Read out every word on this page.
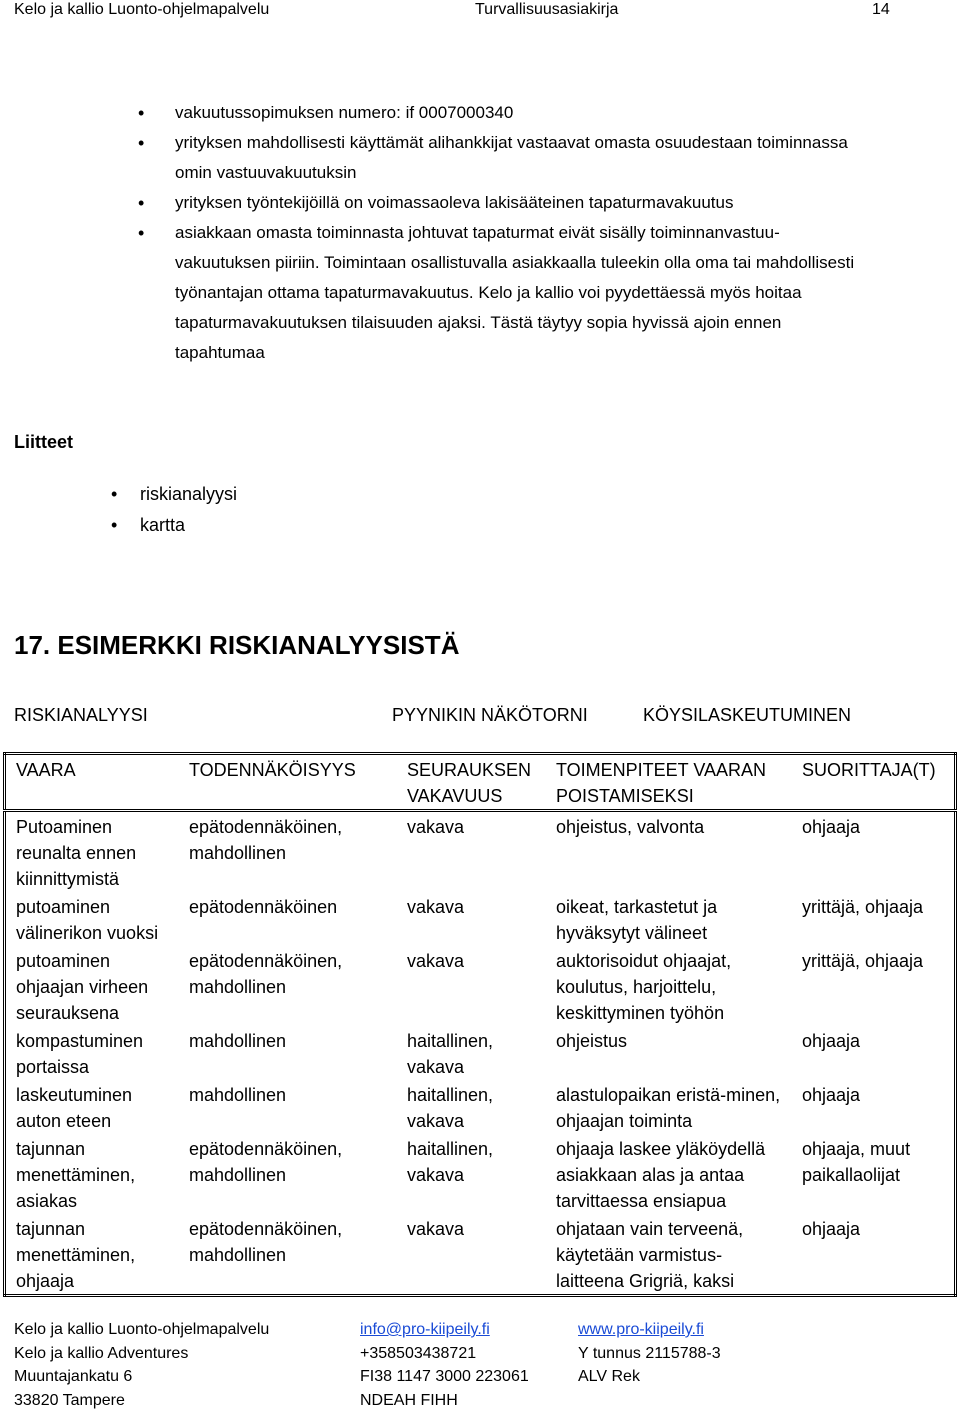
Kelo ja kallio Luonto-ohjelmapalvelu	Turvallisuusasiakirja	14
• vakuutussopimuksen numero: if 0007000340
• yrityksen mahdollisesti käyttämät alihankkijat vastaavat omasta osuudestaan toiminnassa omin vastuuvakuutuksin
• yrityksen työntekijöillä on voimassaoleva lakisääteinen tapaturmavakuutus
• asiakkaan omasta toiminnasta johtuvat tapaturmat eivät sisälly toiminnanvastuu-vakuutuksen piiriin. Toimintaan osallistuvalla asiakkaalla tuleekin olla oma tai mahdollisesti työnantajan ottama tapaturmavakuutus. Kelo ja kallio voi pyydettäessä myös hoitaa tapaturmavakuutuksen tilaisuuden ajaksi. Tästä täytyy sopia hyvissä ajoin ennen tapahtumaa
Liitteet
• riskianalyysi
• kartta
17. ESIMERKKI RISKIANALYYSISTÄ
RISKIANALYYSI	PYYNIKIN NÄKÖTORNI	KÖYSILASKEUTUMINEN
VAARA	TODENNÄKÖISYYS	SEURAUKSEN VAKAVUUS	TOIMENPITEET VAARAN POISTAMISEKSI	SUORITTAJA(T)
Putoaminen reunalta ennen kiinnittymistä	epätodennäköinen, mahdollinen	vakava	ohjeistus, valvonta	ohjaaja
putoaminen välinerikon vuoksi	epätodennäköinen	vakava	oikeat, tarkastetut ja hyväksytyt välineet	yrittäjä, ohjaaja
putoaminen ohjaajan virheen seurauksena	epätodennäköinen, mahdollinen	vakava	auktorisoidut ohjaajat, koulutus, harjoittelu, keskittyminen työhön	yrittäjä, ohjaaja
kompastuminen portaissa	mahdollinen	haitallinen, vakava	ohjeistus	ohjaaja
laskeutuminen auton eteen	mahdollinen	haitallinen, vakava	alastulopaikan eristä-minen, ohjaajan toiminta	ohjaaja
tajunnan menettäminen, asiakas	epätodennäköinen, mahdollinen	haitallinen, vakava	ohjaaja laskee yläköydellä asiakkaan alas ja antaa tarvittaessa ensiapua	ohjaaja, muut paikallaolijat
tajunnan menettäminen, ohjaaja	epätodennäköinen, mahdollinen	vakava	ohjataan vain terveenä, käytetään varmistus-laitteena Grigriä, kaksi	ohjaaja
Kelo ja kallio Luonto-ohjelmapalvelu
Kelo ja kallio Adventures
Muuntajankatu 6
33820 Tampere
info@pro-kiipeily.fi
+358503438721
FI38 1147 3000 223061
NDEAH FIHH
www.pro-kiipeily.fi
Y tunnus 2115788-3
ALV Rek
